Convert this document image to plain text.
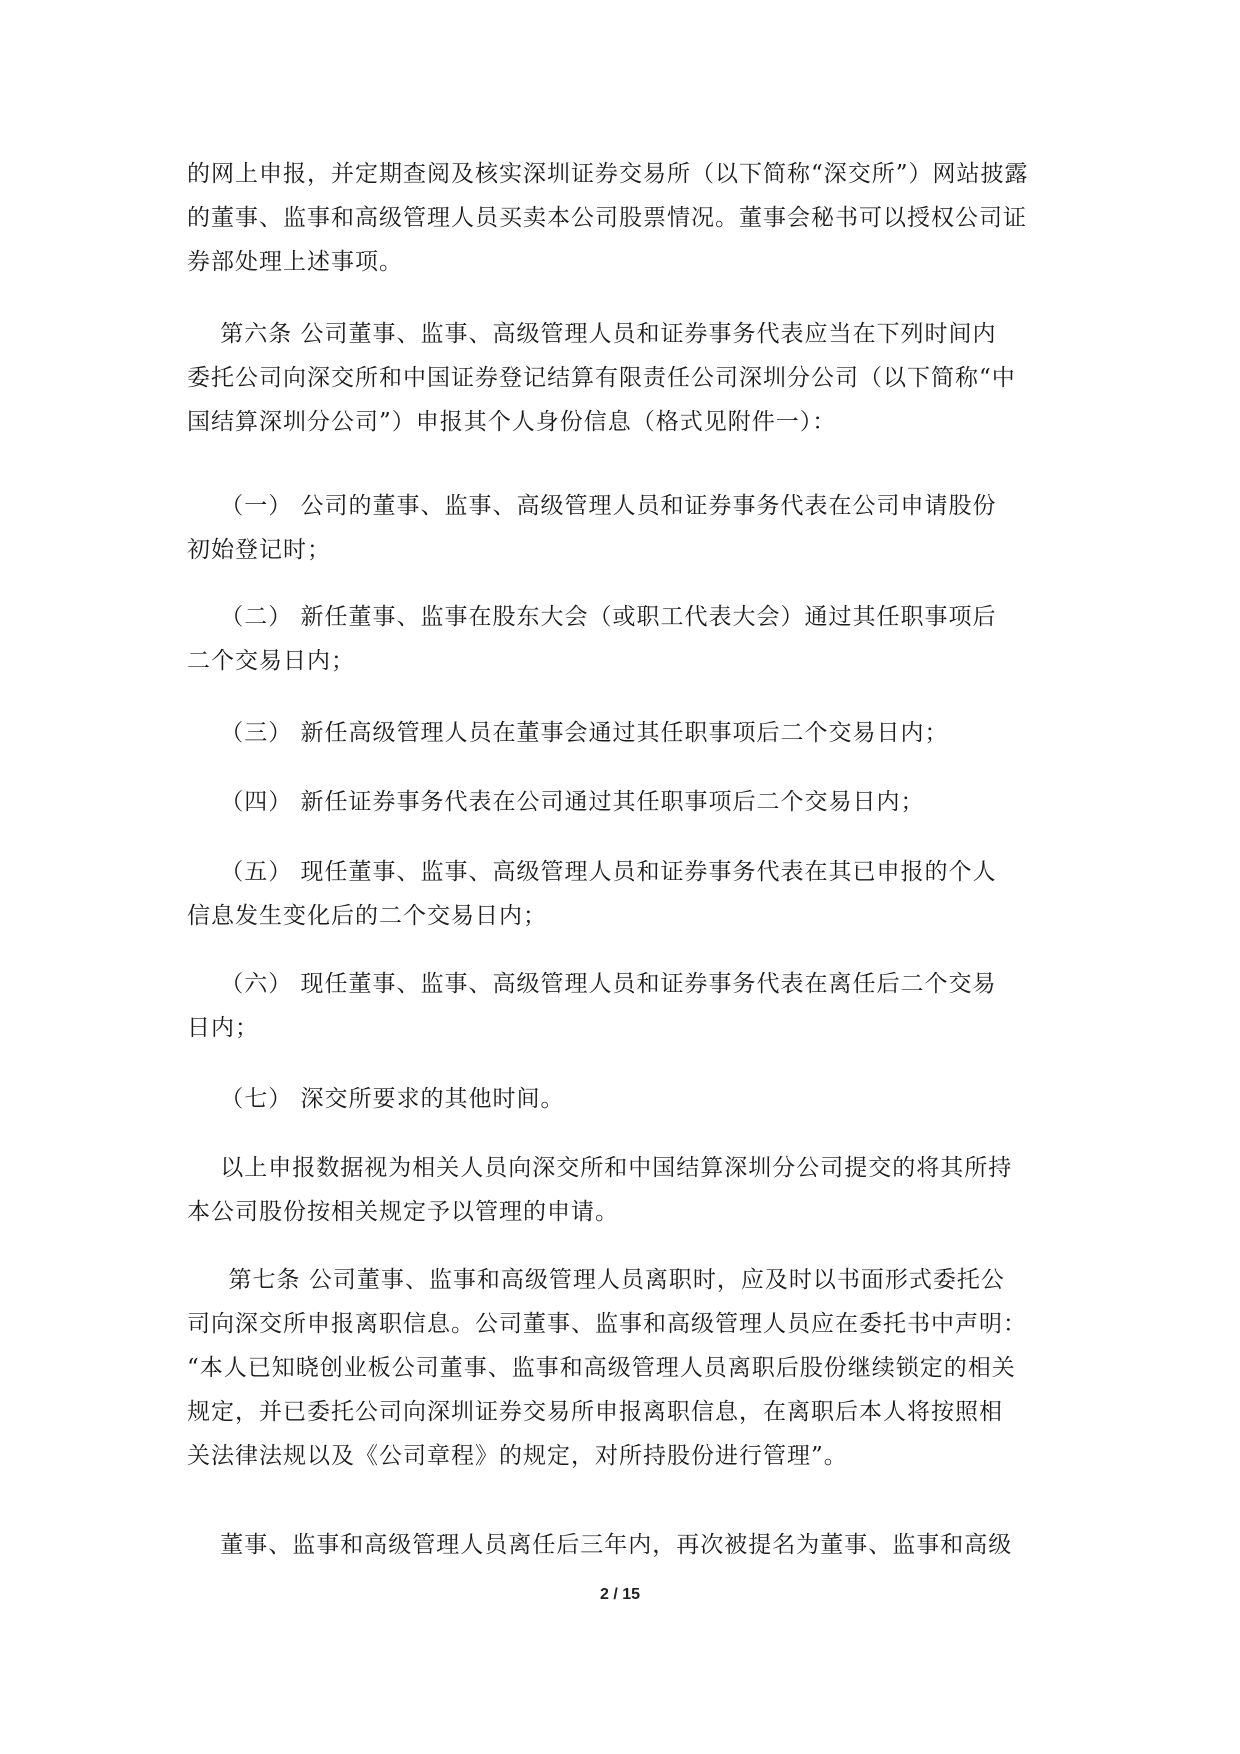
的网上申报，并定期查阅及核实深圳证券交易所（以下简称“深交所”）网站披露
的董事、监事和高级管理人员买卖本公司股票情况。董事会秘书可以授权公司证
券部处理上述事项。

第六条 公司董事、监事、高级管理人员和证券事务代表应当在下列时间内
委托公司向深交所和中国证券登记结算有限责任公司深圳分公司（以下简称“中
国结算深圳分公司”）申报其个人身份信息（格式见附件一）：

（一） 公司的董事、监事、高级管理人员和证券事务代表在公司申请股份
初始登记时；

（二） 新任董事、监事在股东大会（或职工代表大会）通过其任职事项后
二个交易日内；

（三） 新任高级管理人员在董事会通过其任职事项后二个交易日内；

（四） 新任证券事务代表在公司通过其任职事项后二个交易日内；

（五） 现任董事、监事、高级管理人员和证券事务代表在其已申报的个人
信息发生变化后的二个交易日内；

（六） 现任董事、监事、高级管理人员和证券事务代表在离任后二个交易
日内；

（七） 深交所要求的其他时间。

以上申报数据视为相关人员向深交所和中国结算深圳分公司提交的将其所持
本公司股份按相关规定予以管理的申请。

第七条 公司董事、监事和高级管理人员离职时，应及时以书面形式委托公
司向深交所申报离职信息。公司董事、监事和高级管理人员应在委托书中声明：
“本人已知晓创业板公司董事、监事和高级管理人员离职后股份继续锁定的相关
规定，并已委托公司向深圳证券交易所申报离职信息，在离职后本人将按照相
关法律法规以及《公司章程》的规定，对所持股份进行管理”。

董事、监事和高级管理人员离任后三年内，再次被提名为董事、监事和高级

2 / 15
